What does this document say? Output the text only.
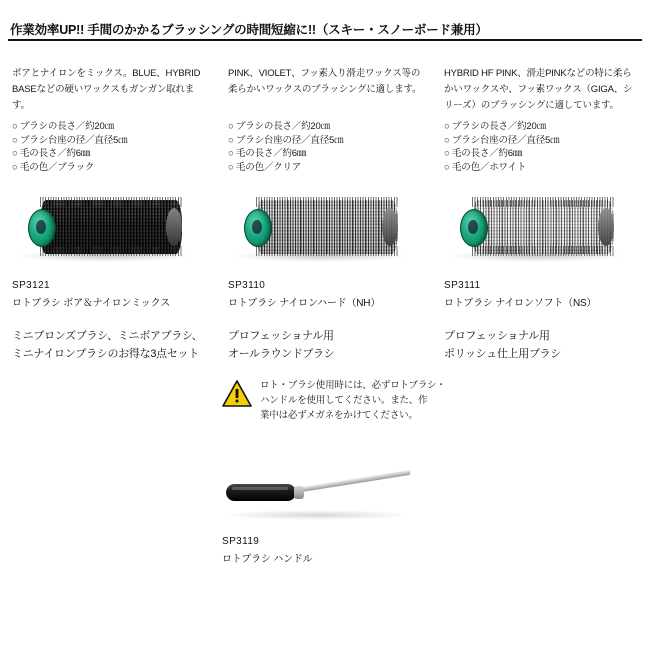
作業効率UP!! 手間のかかるブラッシングの時間短縮に!!（スキー・スノーボード兼用）
ボアとナイロンをミックス。BLUE、HYBRID BASEなどの硬いワックスもガンガン取れます。
○ ブラシの長さ／約20㎝
○ ブラシ台座の径／直径5㎝
○ 毛の長さ／約6㎜
○ 毛の色／ブラック
SP3121
ロトブラシ ボア＆ナイロンミックス
ミニブロンズブラシ、ミニボアブラシ、
ミニナイロンブラシのお得な3点セット
PINK、VIOLET、フッ素入り滑走ワックス等の柔らかいワックスのブラッシングに適します。
○ ブラシの長さ／約20㎝
○ ブラシ台座の径／直径5㎝
○ 毛の長さ／約6㎜
○ 毛の色／クリア
SP3110
ロトブラシ ナイロンハード（NH）
プロフェッショナル用
オールラウンドブラシ
HYBRID HF PINK、滑走PINKなどの特に柔らかいワックスや、フッ素ワックス（GIGA、シリーズ）のブラッシングに適しています。
○ ブラシの長さ／約20㎝
○ ブラシ台座の径／直径5㎝
○ 毛の長さ／約6㎜
○ 毛の色／ホワイト
SP3111
ロトブラシ ナイロンソフト（NS）
プロフェッショナル用
ポリッシュ仕上用ブラシ
ロト・ブラシ使用時には、必ずロトブラシ・
ハンドルを使用してください。また、作
業中は必ずメガネをかけてください。
SP3119
ロトブラシ ハンドル
